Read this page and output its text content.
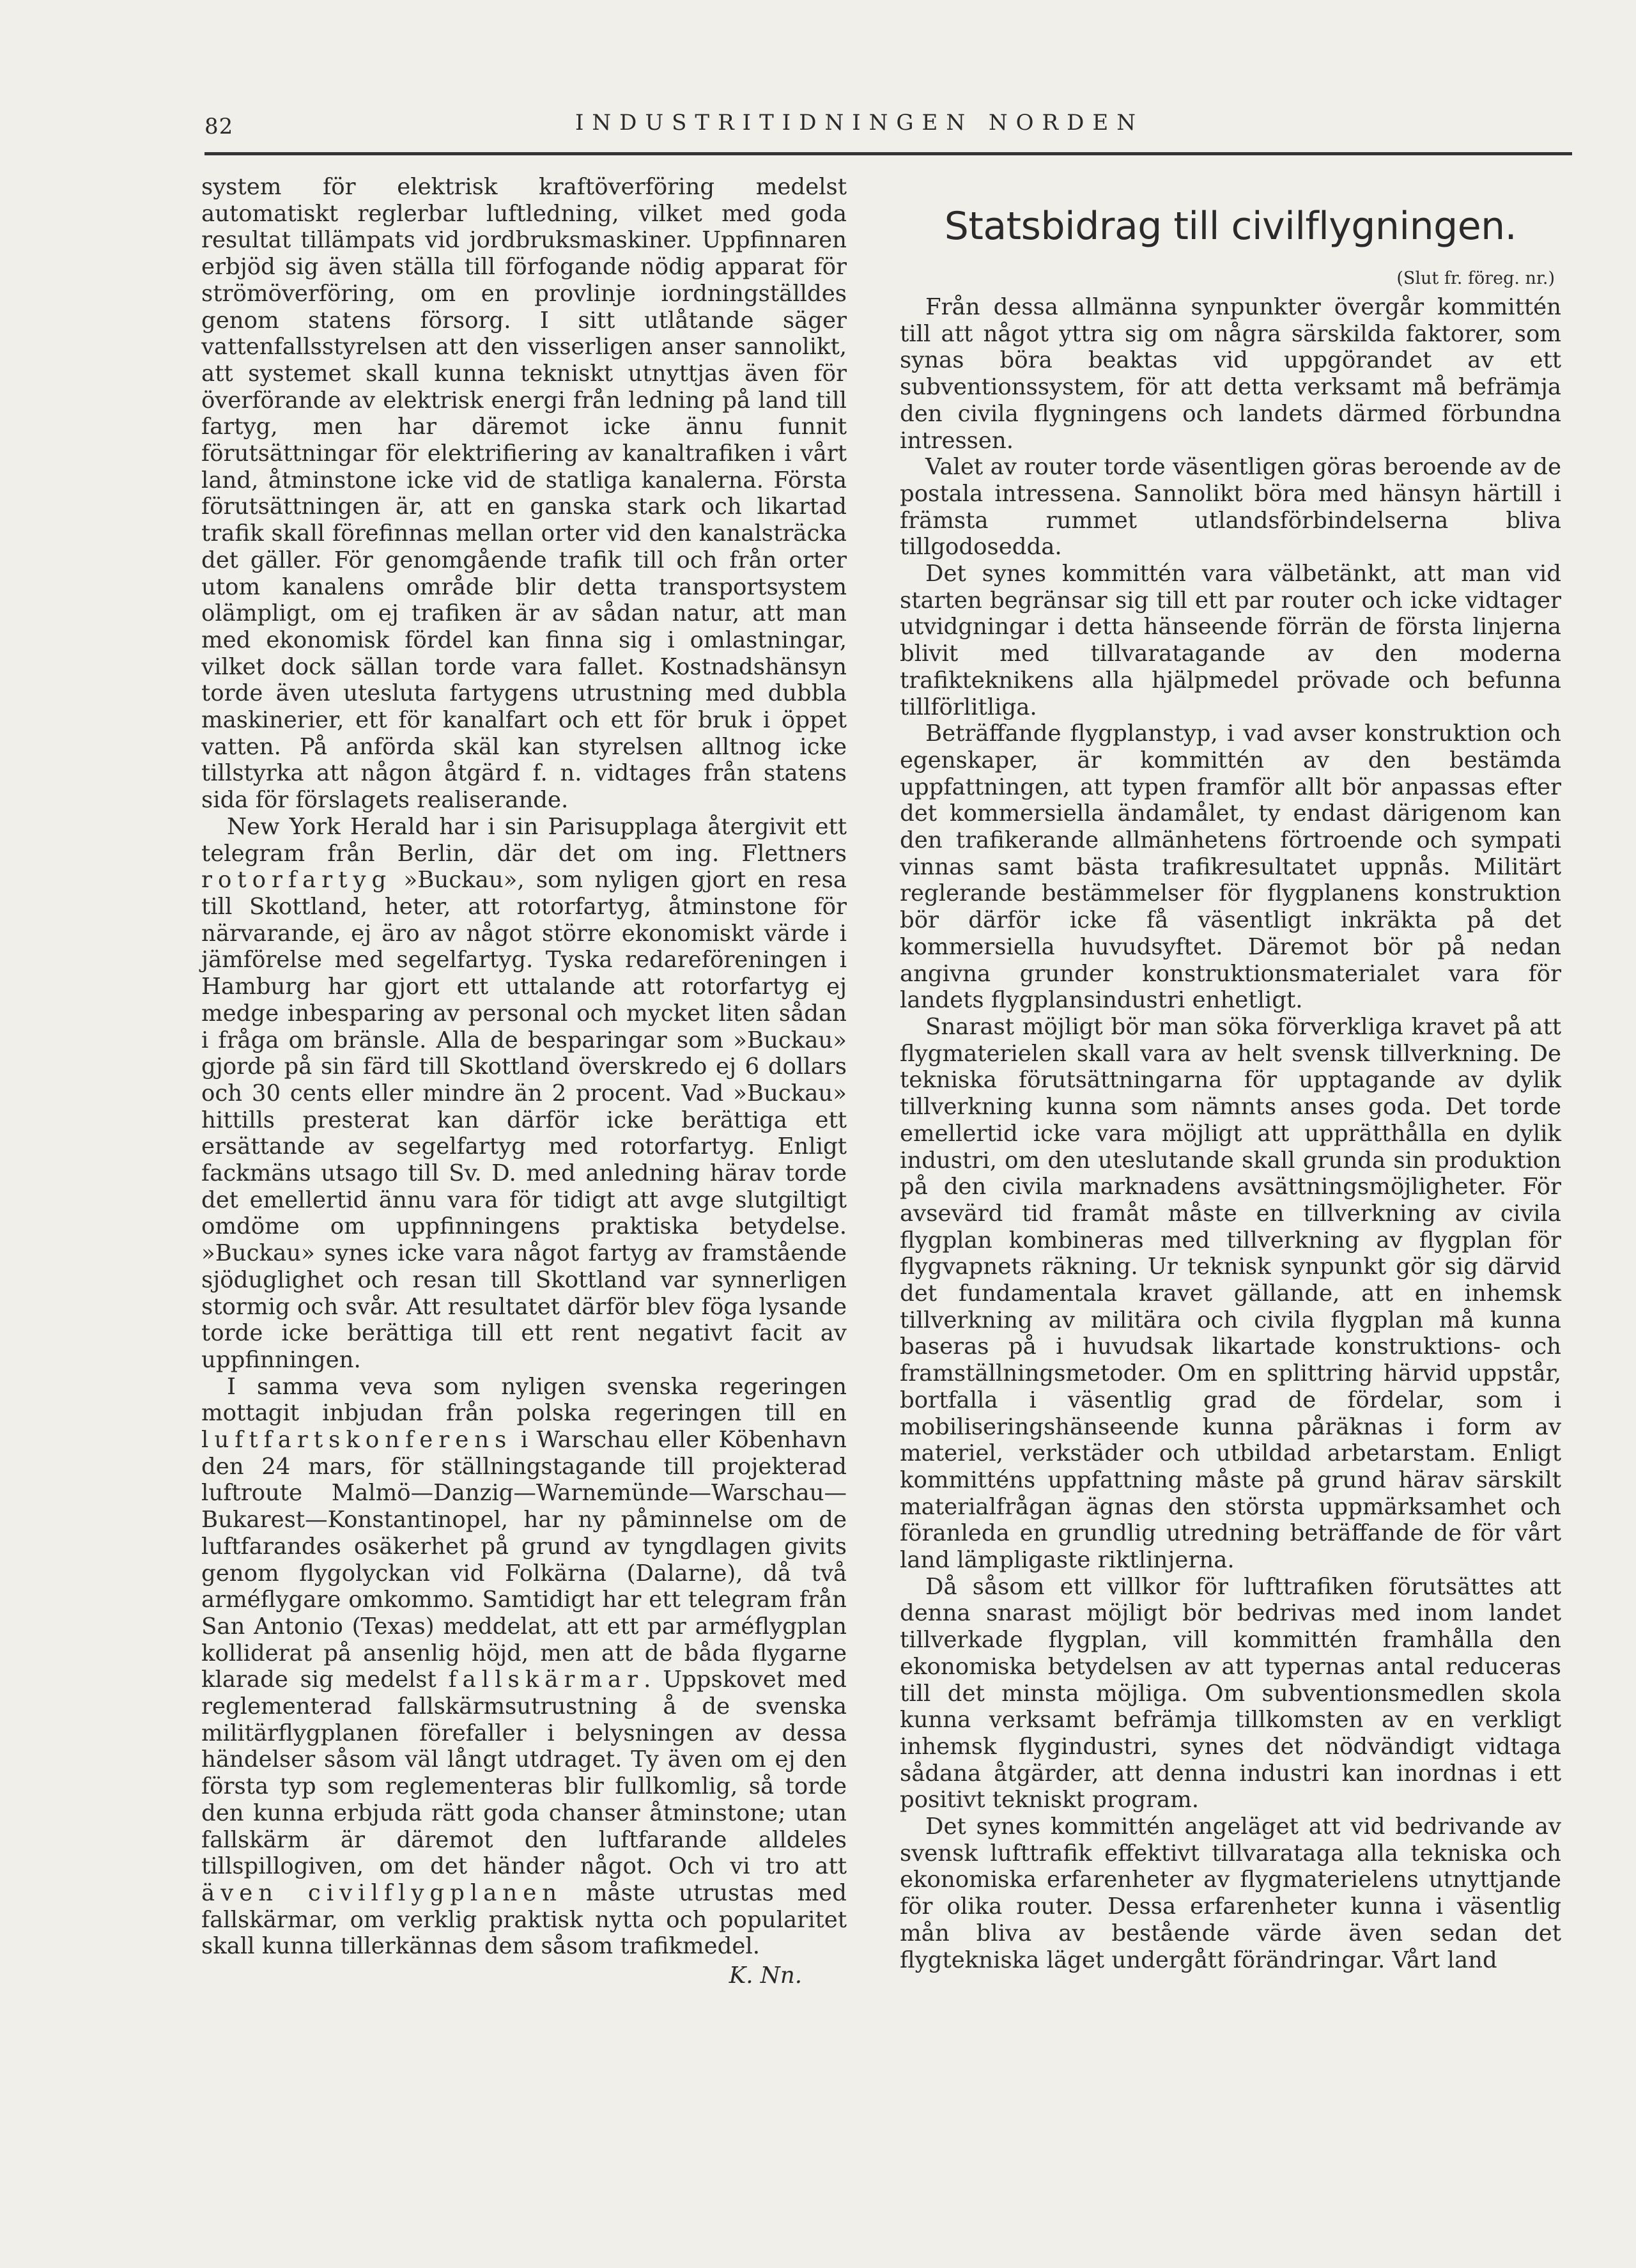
82	INDUSTRITIDNINGEN NORDEN

system för elektrisk kraftöverföring medelst automatiskt reglerbar luftledning, vilket med goda resultat tillämpats vid jordbruksmaskiner. Uppfinnaren erbjöd sig även ställa till förfogande nödig apparat för strömöverföring, om en provlinje iordningställdes genom statens försorg. I sitt utlåtande säger vattenfallsstyrelsen att den visserligen anser sannolikt, att systemet skall kunna tekniskt utnyttjas även för överförande av elektrisk energi från ledning på land till fartyg, men har däremot icke ännu funnit förutsättningar för elektrifiering av kanaltrafiken i vårt land, åtminstone icke vid de statliga kanalerna. Första förutsättningen är, att en ganska stark och likartad trafik skall förefinnas mellan orter vid den kanalsträcka det gäller. För genomgående trafik till och från orter utom kanalens område blir detta transportsystem olämpligt, om ej trafiken är av sådan natur, att man med ekonomisk fördel kan finna sig i omlastningar, vilket dock sällan torde vara fallet. Kostnadshänsyn torde även utesluta fartygens utrustning med dubbla maskinerier, ett för kanalfart och ett för bruk i öppet vatten. På anförda skäl kan styrelsen alltnog icke tillstyrka att någon åtgärd f. n. vidtages från statens sida för förslagets realiserande.

New York Herald har i sin Parisupplaga återgivit ett telegram från Berlin, där det om ing. Flettners rotorfartyg »Buckau», som nyligen gjort en resa till Skottland, heter, att rotorfartyg, åtminstone för närvarande, ej äro av något större ekonomiskt värde i jämförelse med segelfartyg. Tyska redareföreningen i Hamburg har gjort ett uttalande att rotorfartyg ej medge inbesparing av personal och mycket liten sådan i fråga om bränsle. Alla de besparingar som »Buckau» gjorde på sin färd till Skottland överskredo ej 6 dollars och 30 cents eller mindre än 2 procent. Vad »Buckau» hittills presterat kan därför icke berättiga ett ersättande av segelfartyg med rotorfartyg. Enligt fackmäns utsago till Sv. D. med anledning härav torde det emellertid ännu vara för tidigt att avge slutgiltigt omdöme om uppfinningens praktiska betydelse. »Buckau» synes icke vara något fartyg av framstående sjöduglighet och resan till Skottland var synnerligen stormig och svår. Att resultatet därför blev föga lysande torde icke berättiga till ett rent negativt facit av uppfinningen.

I samma veva som nyligen svenska regeringen mottagit inbjudan från polska regeringen till en luftfartskonferens i Warschau eller Köbenhavn den 24 mars, för ställningstagande till projekterad luftroute Malmö—Danzig—Warnemünde—Warschau—Bukarest—Konstantinopel, har ny påminnelse om de luftfarandes osäkerhet på grund av tyngdlagen givits genom flygolyckan vid Folkärna (Dalarne), då två arméflygare omkommo. Samtidigt har ett telegram från San Antonio (Texas) meddelat, att ett par arméflygplan kolliderat på ansenlig höjd, men att de båda flygarne klarade sig medelst fallskärmar. Uppskovet med reglementerad fallskärmsutrustning å de svenska militärflygplanen förefaller i belysningen av dessa händelser såsom väl långt utdraget. Ty även om ej den första typ som reglementeras blir fullkomlig, så torde den kunna erbjuda rätt goda chanser åtminstone; utan fallskärm är däremot den luftfarande alldeles tillspillogiven, om det händer något. Och vi tro att även civilflygplanen måste utrustas med fallskärmar, om verklig praktisk nytta och popularitet skall kunna tillerkännas dem såsom trafikmedel.

K. Nn.
Statsbidrag till civilflygningen.
(Slut fr. föreg. nr.)

Från dessa allmänna synpunkter övergår kommittén till att något yttra sig om några särskilda faktorer, som synas böra beaktas vid uppgörandet av ett subventionssystem, för att detta verksamt må befrämja den civila flygningens och landets därmed förbundna intressen.

Valet av router torde väsentligen göras beroende av de postala intressena. Sannolikt böra med hänsyn härtill i främsta rummet utlandsförbindelserna bliva tillgodosedda.

Det synes kommittén vara välbetänkt, att man vid starten begränsar sig till ett par router och icke vidtager utvidgningar i detta hänseende förrän de första linjerna blivit med tillvaratagande av den moderna trafikteknikens alla hjälpmedel prövade och befunna tillförlitliga.

Beträffande flygplanstyp, i vad avser konstruktion och egenskaper, är kommittén av den bestämda uppfattningen, att typen framför allt bör anpassas efter det kommersiella ändamålet, ty endast därigenom kan den trafikerande allmänhetens förtroende och sympati vinnas samt bästa trafikresultatet uppnås. Militärt reglerande bestämmelser för flygplanens konstruktion bör därför icke få väsentligt inkräkta på det kommersiella huvudsyftet. Däremot bör på nedan angivna grunder konstruktionsmaterialet vara för landets flygplansindustri enhetligt.

Snarast möjligt bör man söka förverkliga kravet på att flygmaterielen skall vara av helt svensk tillverkning. De tekniska förutsättningarna för upptagande av dylik tillverkning kunna som nämnts anses goda. Det torde emellertid icke vara möjligt att upprätthålla en dylik industri, om den uteslutande skall grunda sin produktion på den civila marknadens avsättningsmöjligheter. För avsevärd tid framåt måste en tillverkning av civila flygplan kombineras med tillverkning av flygplan för flygvapnets räkning. Ur teknisk synpunkt gör sig därvid det fundamentala kravet gällande, att en inhemsk tillverkning av militära och civila flygplan må kunna baseras på i huvudsak likartade konstruktions- och framställningsmetoder. Om en splittring härvid uppstår, bortfalla i väsentlig grad de fördelar, som i mobiliseringshänseende kunna påräknas i form av materiel, verkstäder och utbildad arbetarstam. Enligt kommitténs uppfattning måste på grund härav särskilt materialfrågan ägnas den största uppmärksamhet och föranleda en grundlig utredning beträffande de för vårt land lämpligaste riktlinjerna.

Då såsom ett villkor för lufttrafiken förutsättes att denna snarast möjligt bör bedrivas med inom landet tillverkade flygplan, vill kommittén framhålla den ekonomiska betydelsen av att typernas antal reduceras till det minsta möjliga. Om subventionsmedlen skola kunna verksamt befrämja tillkomsten av en verkligt inhemsk flygindustri, synes det nödvändigt vidtaga sådana åtgärder, att denna industri kan inordnas i ett positivt tekniskt program.

Det synes kommittén angeläget att vid bedrivande av svensk lufttrafik effektivt tillvaratagа alla tekniska och ekonomiska erfarenheter av flygmaterielens utnyttjande för olika router. Dessa erfarenheter kunna i väsentlig mån bliva av bestående värde även sedan det flygtekniska läget undergått förändringar. Vårt land
